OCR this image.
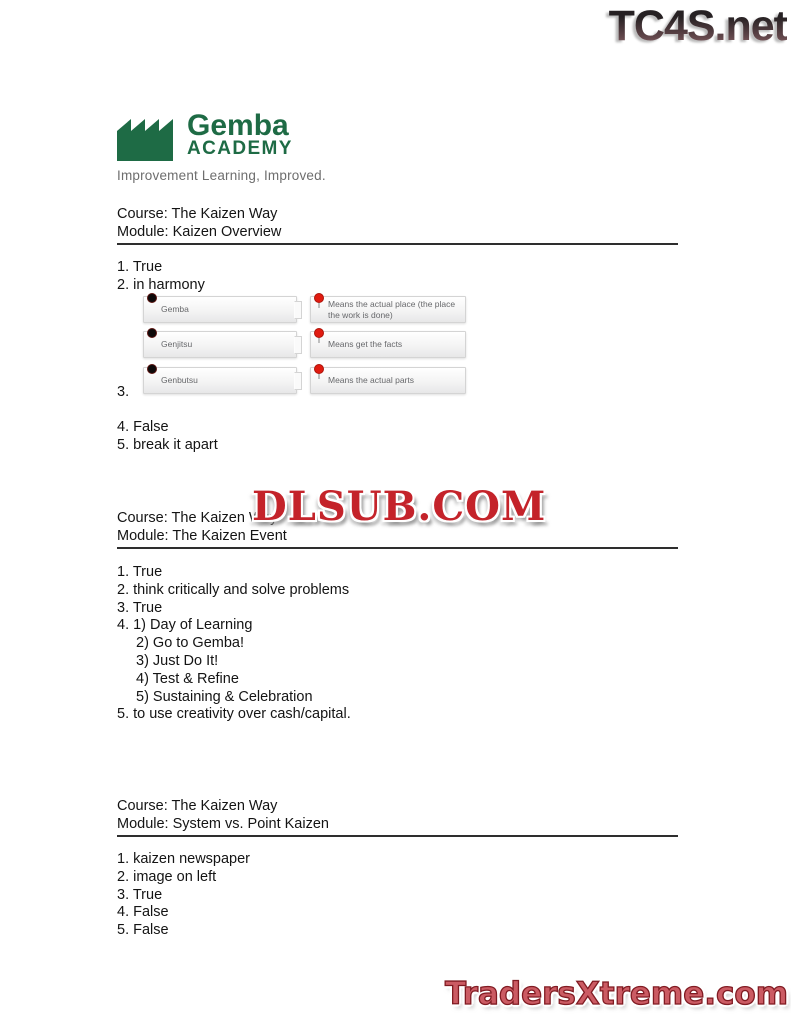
TC4S.net
Gemba
ACADEMY
Improvement Learning, Improved.
Course: The Kaizen Way
Module: Kaizen Overview
1. True
2. in harmony
Gemba
Means the actual place (the place the work is done)
Genjitsu	Means get the facts
Genbutsu	Means the actual parts
3.
4. False
5. break it apart
DLSUB.COM
Course: The Kaizen Way
Module: The Kaizen Event
1. True
2. think critically and solve problems
3. True
4. 1) Day of Learning
2) Go to Gemba!
3) Just Do It!
4) Test & Refine
5) Sustaining & Celebration
5. to use creativity over cash/capital.
Course: The Kaizen Way
Module: System vs. Point Kaizen
1. kaizen newspaper
2. image on left
3. True
4. False
5. False
TradersXtreme.com
